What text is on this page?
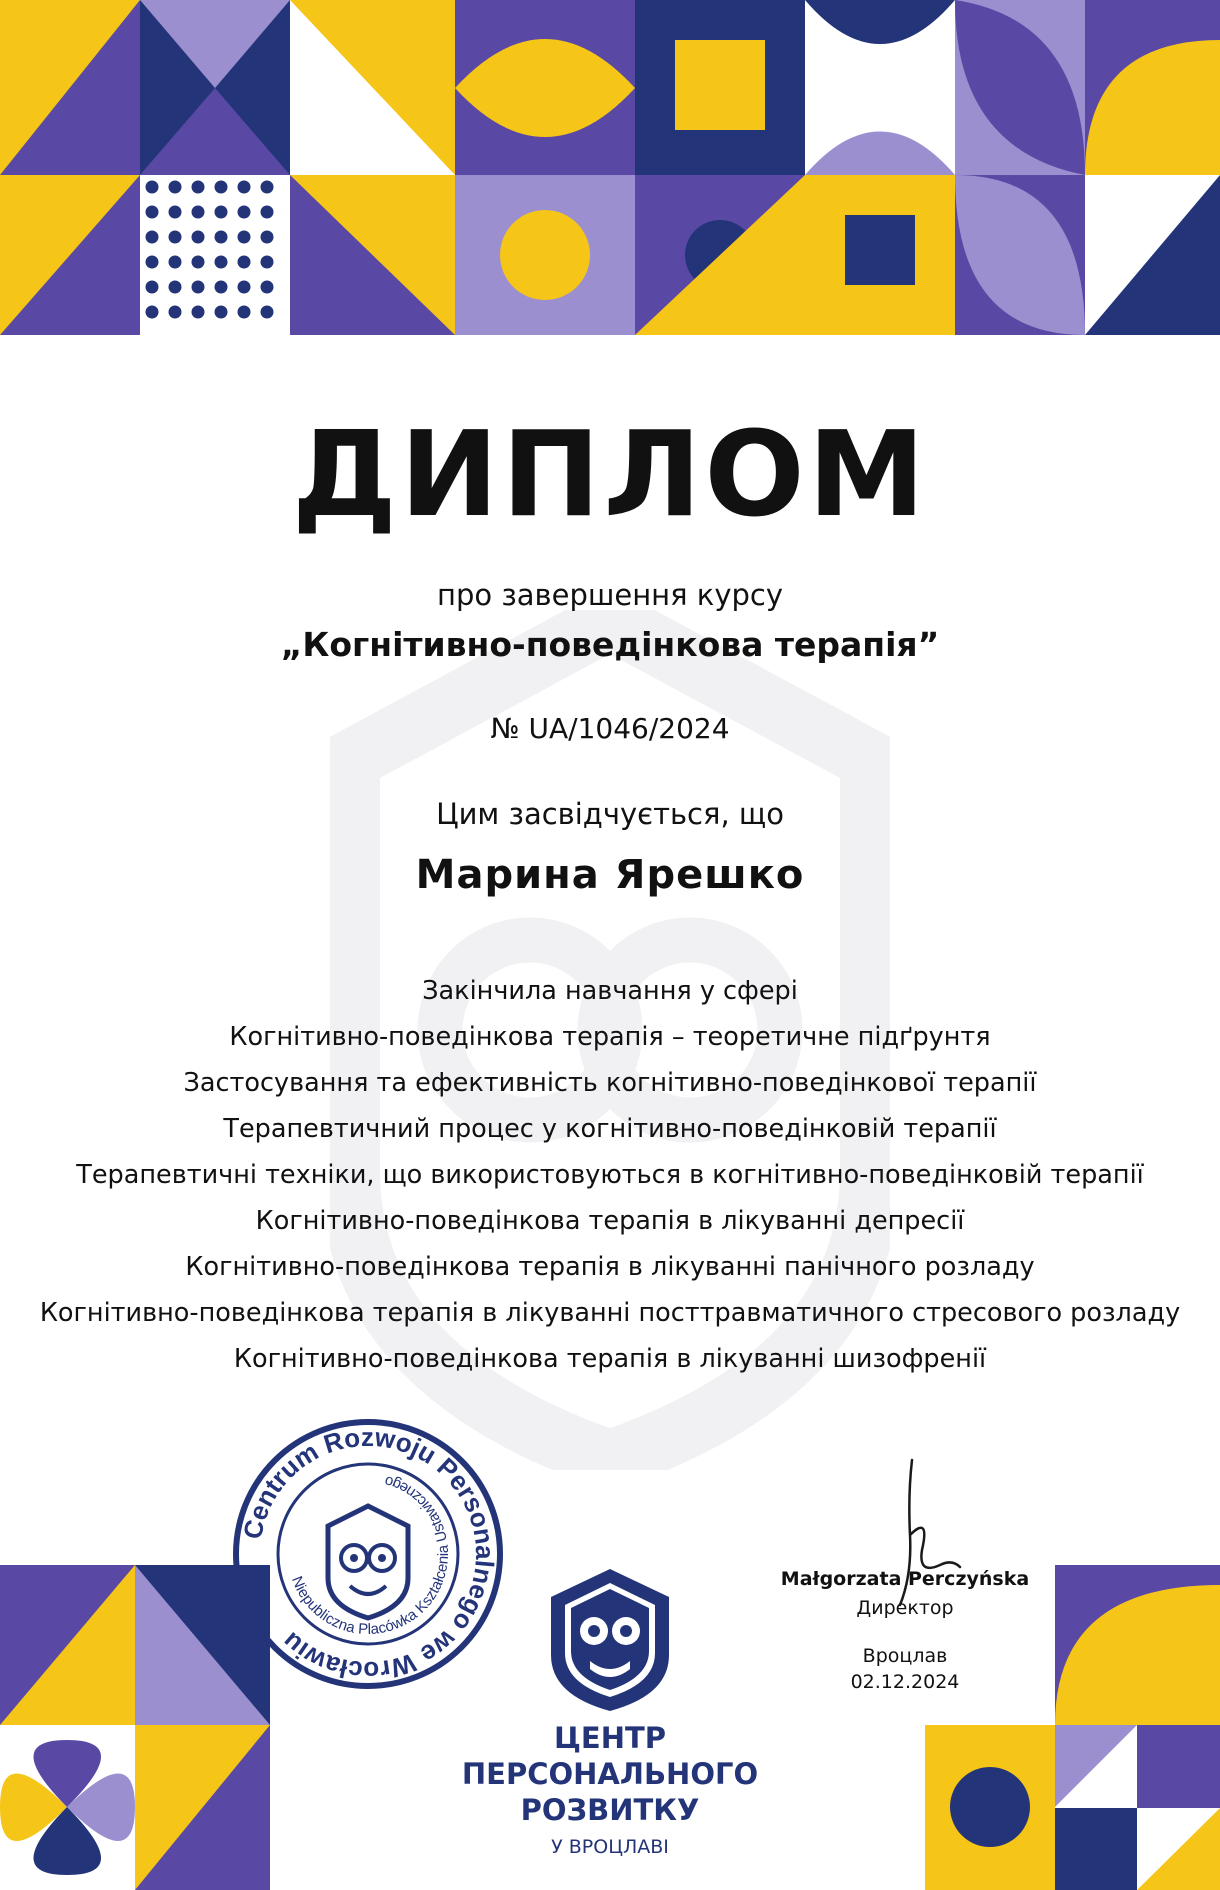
ДИПЛОМ
про завершення курсу
„Когнітивно-поведінкова терапія”
№ UA/1046/2024
Цим засвідчується, що
Марина Ярешко
Закінчила навчання у сфері
Когнітивно-поведінкова терапія – теоретичне підґрунтя
Застосування та ефективність когнітивно-поведінкової терапії
Терапевтичний процес у когнітивно-поведінковій терапії
Терапевтичні техніки, що використовуються в когнітивно-поведінковій терапії
Когнітивно-поведінкова терапія в лікуванні депресії
Когнітивно-поведінкова терапія в лікуванні панічного розладу
Когнітивно-поведінкова терапія в лікуванні посттравматичного стресового розладу
Когнітивно-поведінкова терапія в лікуванні шизофренії
Centrum Rozwoju Personalnego we Wrocławiu
Niepubliczna Placówka Kształcenia Ustawicznego
ЦЕНТР
ПЕРСОНАЛЬНОГО
РОЗВИТКУ
У ВРОЦЛАВІ
Małgorzata Perczyńska
Директор
Вроцлав
02.12.2024
